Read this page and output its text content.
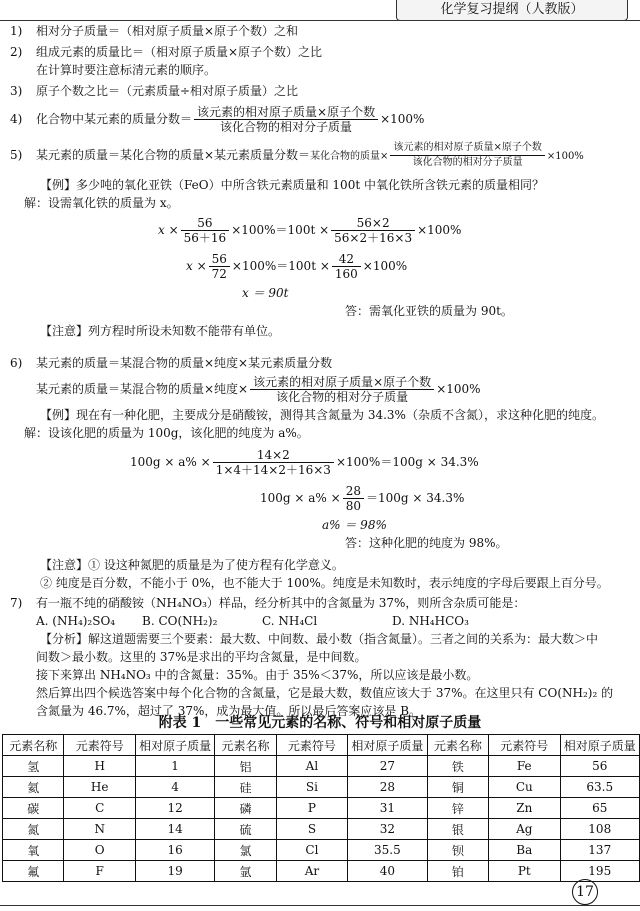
化学复习提纲（人教版）
1)	相对分子质量＝（相对原子质量×原子个数）之和
2)	组成元素的质量比＝（相对原子质量×原子个数）之比
在计算时要注意标清元素的顺序。
3)	原子个数之比＝（元素质量÷相对原子质量）之比
4)	化合物中某元素的质量分数＝ $\frac{\text{该元素的相对原子质量×原子个数}}{\text{该化合物的相对分子质量}} \times 100\%$
5)	某元素的质量＝某化合物的质量×某元素质量分数＝某化合物的质量× $\frac{\text{该元素的相对原子质量×原子个数}}{\text{该化合物的相对分子质量}} \times 100\%$
【例】多少吨的氧化亚铁（FeO）中所含铁元素质量和 100t 中氧化铁所含铁元素的质量相同？
解：设需氧化铁的质量为 x。
$x \times \frac{56}{56+16} \times 100\%=100t \times \frac{56\times 2}{56\times 2+16\times 3} \times 100\%$
$x \times \frac{56}{72} \times 100\%=100t \times \frac{42}{160} \times 100\%$
x ＝ 90t
答：需氧化亚铁的质量为 90t。
【注意】列方程时所设未知数不能带有单位。
6)	某元素的质量＝某混合物的质量×纯度×某元素质量分数
某元素的质量＝某混合物的质量×纯度× $\frac{\text{该元素的相对原子质量×原子个数}}{\text{该化合物的相对分子质量}} \times 100\%$
【例】现在有一种化肥，主要成分是硝酸铵，测得其含氮量为 34.3%（杂质不含氮），求这种化肥的纯度。
解：设该化肥的质量为 100g，该化肥的纯度为 a%。
$100g \times a\% \times \frac{14\times 2}{1\times 4+14\times 2+16\times 3} \times 100\%=100g \times 34.3\%$
$100g \times a\% \times \frac{28}{80} =100g \times 34.3\%$
a% ＝ 98%
答：这种化肥的纯度为 98%。
【注意】① 设这种氮肥的质量是为了使方程有化学意义。
② 纯度是百分数，不能小于 0%，也不能大于 100%。纯度是未知数时，表示纯度的字母后要跟上百分号。
7)	有一瓶不纯的硝酸铵（NH₄NO₃）样品，经分析其中的含氮量为 37%，则所含杂质可能是：
A. (NH₄)₂SO₄ B. CO(NH₂)₂	C. NH₄Cl	D. NH₄HCO₃
【分析】解这道题需要三个要素：最大数、中间数、最小数（指含氮量）。三者之间的关系为：最大数＞中
间数＞最小数。这里的 37%是求出的平均含氮量，是中间数。
接下来算出 NH₄NO₃ 中的含氮量：35%。由于 35%＜37%，所以应该是最小数。
然后算出四个候选答案中每个化合物的含氮量，它是最大数，数值应该大于 37%。在这里只有 CO(NH₂)₂ 的
含氮量为 46.7%，超过了 37%，成为最大值。所以最后答案应该是 B。
附表 1　一些常见元素的名称、符号和相对原子质量
元素名称	元素符号	相对原子质量	元素名称	元素符号	相对原子质量	元素名称	元素符号	相对原子质量
氢	H	1	铝	Al	27	铁	Fe	56
氦	He	4	硅	Si	28	铜	Cu	63.5
碳	C	12	磷	P	31	锌	Zn	65
氮	N	14	硫	S	32	银	Ag	108
氧	O	16	氯	Cl	35.5	钡	Ba	137
氟	F	19	氩	Ar	40	铂	Pt	195
17
